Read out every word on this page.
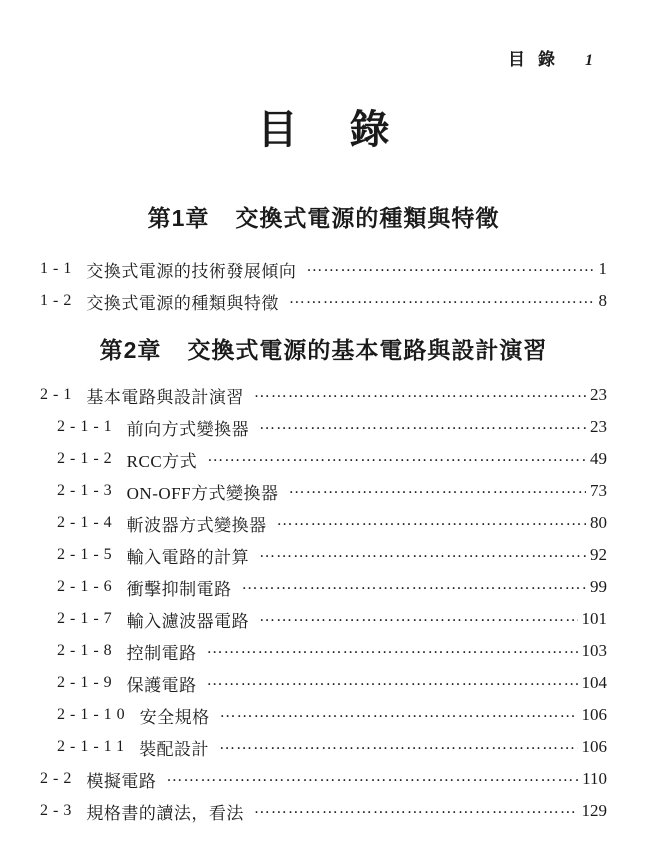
目 錄 1
目 錄
第1章 交換式電源的種類與特徵
1-1 交換式電源的技術發展傾向 ………………………………………………………………………………………………………………	1
1-2 交換式電源的種類與特徵 ………………………………………………………………………………………………………………	8
第2章 交換式電源的基本電路與設計演習
2-1 基本電路與設計演習 ………………………………………………………………………………………………………………	23
2-1-1 前向方式變換器 ………………………………………………………………………………………………………………	23
2-1-2 RCC方式 ………………………………………………………………………………………………………………	49
2-1-3 ON-OFF方式變換器 ………………………………………………………………………………………………………………	73
2-1-4 斬波器方式變換器 ………………………………………………………………………………………………………………	80
2-1-5 輸入電路的計算 ………………………………………………………………………………………………………………	92
2-1-6 衝擊抑制電路 ………………………………………………………………………………………………………………	99
2-1-7 輸入濾波器電路 ………………………………………………………………………………………………………………	101
2-1-8 控制電路 ………………………………………………………………………………………………………………	103
2-1-9 保護電路 ………………………………………………………………………………………………………………	104
2-1-10 安全規格 ………………………………………………………………………………………………………………	106
2-1-11 裝配設計 ………………………………………………………………………………………………………………	106
2-2 模擬電路 ………………………………………………………………………………………………………………	110
2-3 規格書的讀法，看法 ………………………………………………………………………………………………………………	129
